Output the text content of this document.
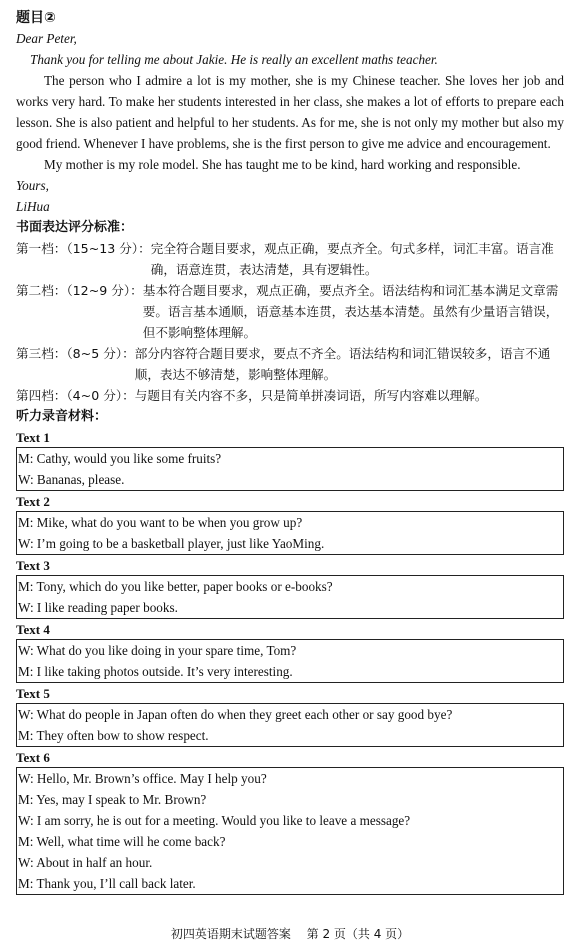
题目②
Dear Peter,
Thank you for telling me about Jakie. He is really an excellent maths teacher.
The person who I admire a lot is my mother, she is my Chinese teacher. She loves her job and works very hard. To make her students interested in her class, she makes a lot of efforts to prepare each lesson. She is also patient and helpful to her students. As for me, she is not only my mother but also my good friend. Whenever I have problems, she is the first person to give me advice and encouragement.
My mother is my role model. She has taught me to be kind, hard working and responsible.
Yours,
LiHua
书面表达评分标准：
第一档：（15~13 分）： 完全符合题目要求，观点正确，要点齐全。句式多样，词汇丰富。语言准确，语意连贯，表达清楚，具有逻辑性。
第二档：（12~9 分）： 基本符合题目要求，观点正确，要点齐全。语法结构和词汇基本满足文章需要。语言基本通顺，语意基本连贯，表达基本清楚。虽然有少量语言错误，但不影响整体理解。
第三档：（8~5 分）： 部分内容符合题目要求，要点不齐全。语法结构和词汇错误较多，语言不通顺，表达不够清楚，影响整体理解。
第四档：（4~0 分）： 与题目有关内容不多，只是简单拼凑词语，所写内容难以理解。
听力录音材料：
Text 1
M: Cathy, would you like some fruits?
W: Bananas, please.
Text 2
M: Mike, what do you want to be when you grow up?
W: I’m going to be a basketball player, just like YaoMing.
Text 3
M: Tony, which do you like better, paper books or e-books?
W: I like reading paper books.
Text 4
W: What do you like doing in your spare time, Tom?
M: I like taking photos outside. It’s very interesting.
Text 5
W: What do people in Japan often do when they greet each other or say good bye?
M: They often bow to show respect.
Text 6
W: Hello, Mr. Brown’s office. May I help you?
M: Yes, may I speak to Mr. Brown?
W: I am sorry, he is out for a meeting. Would you like to leave a message?
M: Well, what time will he come back?
W: About in half an hour.
M: Thank you, I’ll call back later.
初四英语期末试题答案　 第 2 页（共 4 页）
